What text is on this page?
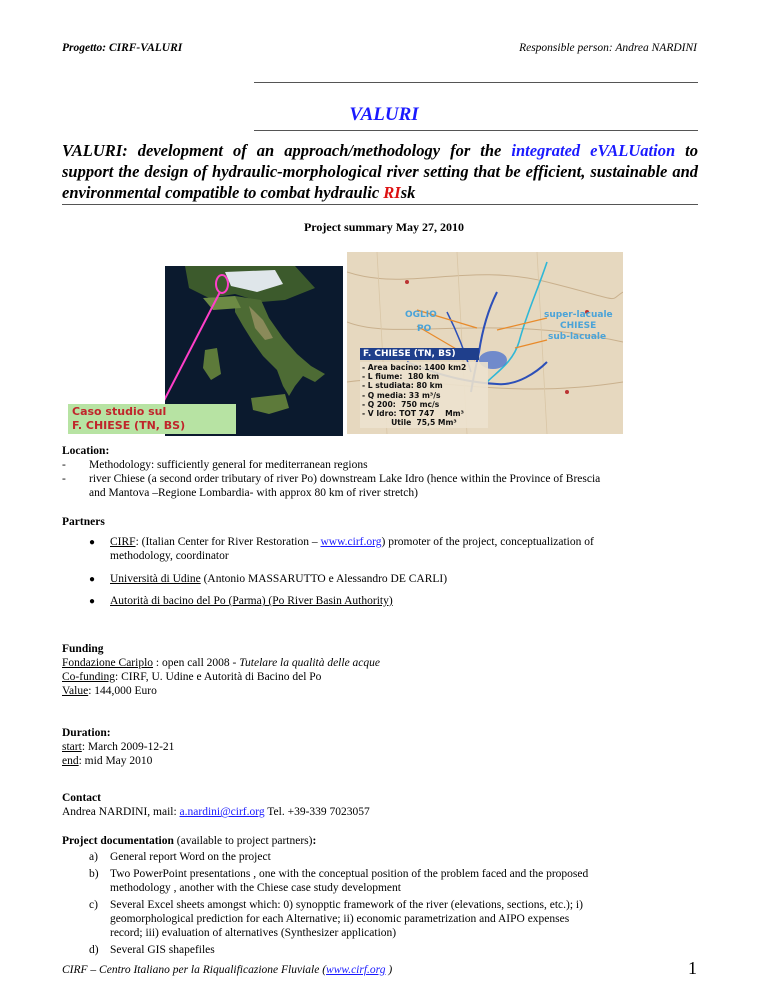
Progetto: CIRF-VALURI	Responsible person: Andrea NARDINI
VALURI
VALURI: development of an approach/methodology for the integrated eVALUation to support the design of hydraulic-morphological river setting that be efficient, sustainable and environmental compatible to combat hydraulic RIsk
Project summary May 27, 2010
Caso studio sul
F. CHIESE (TN, BS)
OGLIO
PO
super-lacuale
CHIESE
sub-lacuale
F. CHIESE (TN, BS)
- Area bacino: 1400 km2
- L fiume:  180 km
- L studiata: 80 km
- Q media: 33 m³/s
- Q 200:  750 mc/s
- V Idro: TOT 747    Mm³
Utile  75,5 Mm³
Location:
- Methodology: sufficiently general for mediterranean regions
- river Chiese (a second order tributary of river Po) downstream Lake Idro (hence within the Province of Brescia
and Mantova –Regione Lombardia- with approx 80 km of river stretch)
Partners
● CIRF: (Italian Center for River Restoration – www.cirf.org) promoter of the project, conceptualization of
methodology, coordinator
● Università di Udine (Antonio MASSARUTTO e Alessandro DE CARLI)
● Autorità di bacino del Po (Parma) (Po River Basin Authority)
Funding
Fondazione Cariplo : open call 2008 - Tutelare la qualità delle acque
Co-funding: CIRF, U. Udine e Autorità di Bacino del Po
Value: 144,000 Euro
Duration:
start: March 2009-12-21
end: mid May 2010
Contact
Andrea NARDINI, mail: a.nardini@cirf.org Tel. +39-339 7023057
Project documentation (available to project partners):
a) General report Word on the project
b) Two PowerPoint presentations , one with the conceptual position of the problem faced and the proposed
methodology , another with the Chiese case study development
c) Several Excel sheets amongst which: 0) synopptic framework of the river (elevations, sections, etc.); i)
geomorphological prediction for each Alternative; ii) economic parametrization and AIPO expenses
record; iii) evaluation of alternatives (Synthesizer application)
d) Several GIS shapefiles
CIRF – Centro Italiano per la Riqualificazione Fluviale (www.cirf.org )	1
